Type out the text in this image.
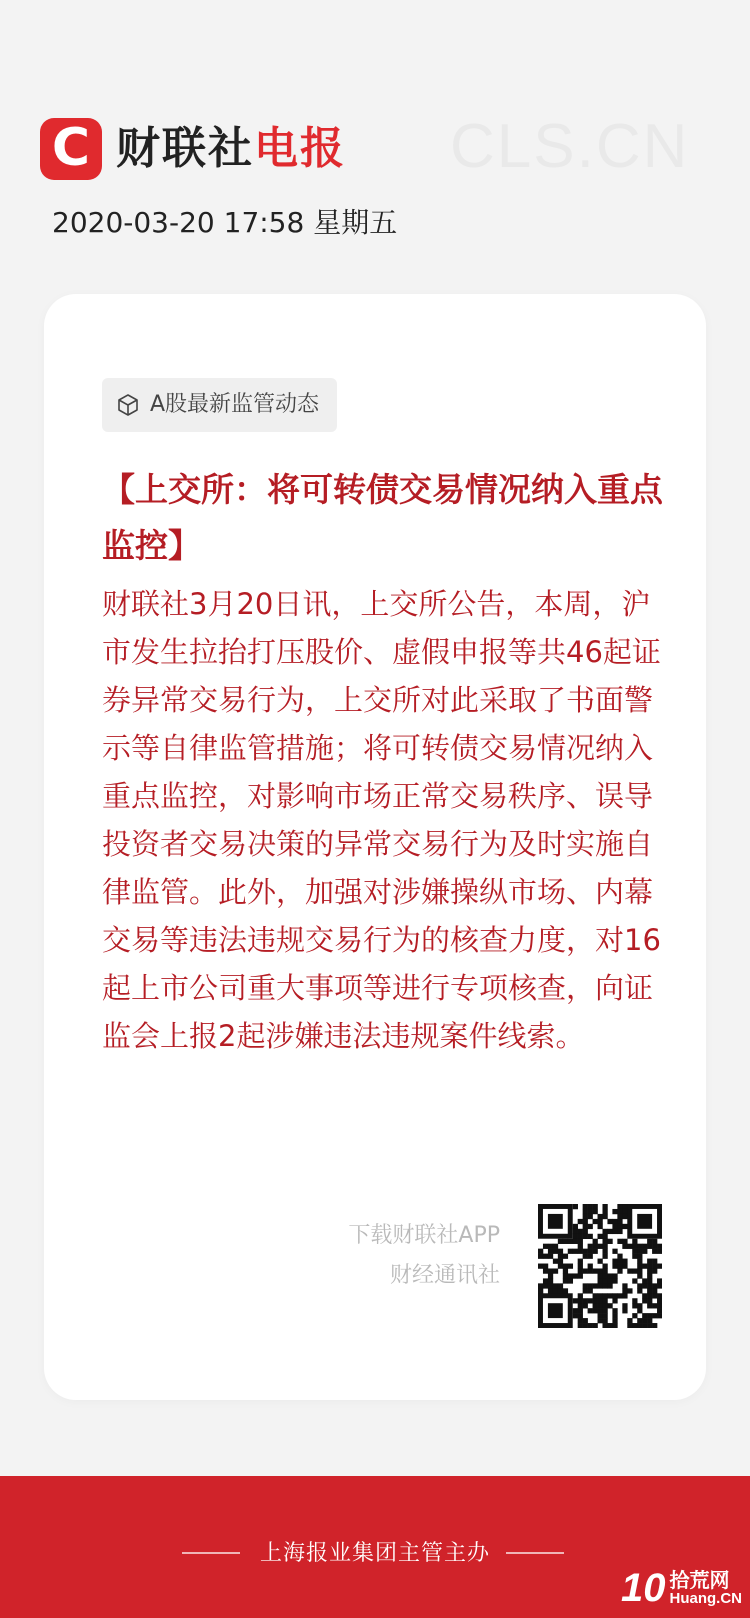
C 财联社电报 CLS.CN
2020-03-20 17:58 星期五
A股最新监管动态
【上交所：将可转债交易情况纳入重点监控】
财联社3月20日讯，上交所公告，本周，沪市发生拉抬打压股价、虚假申报等共46起证券异常交易行为，上交所对此采取了书面警示等自律监管措施；将可转债交易情况纳入重点监控，对影响市场正常交易秩序、误导投资者交易决策的异常交易行为及时实施自律监管。此外，加强对涉嫌操纵市场、内幕交易等违法违规交易行为的核查力度，对16起上市公司重大事项等进行专项核查，向证监会上报2起涉嫌违法违规案件线索。
下载财联社APP
财经通讯社
上海报业集团主管主办
10 拾荒网
Huang.CN
